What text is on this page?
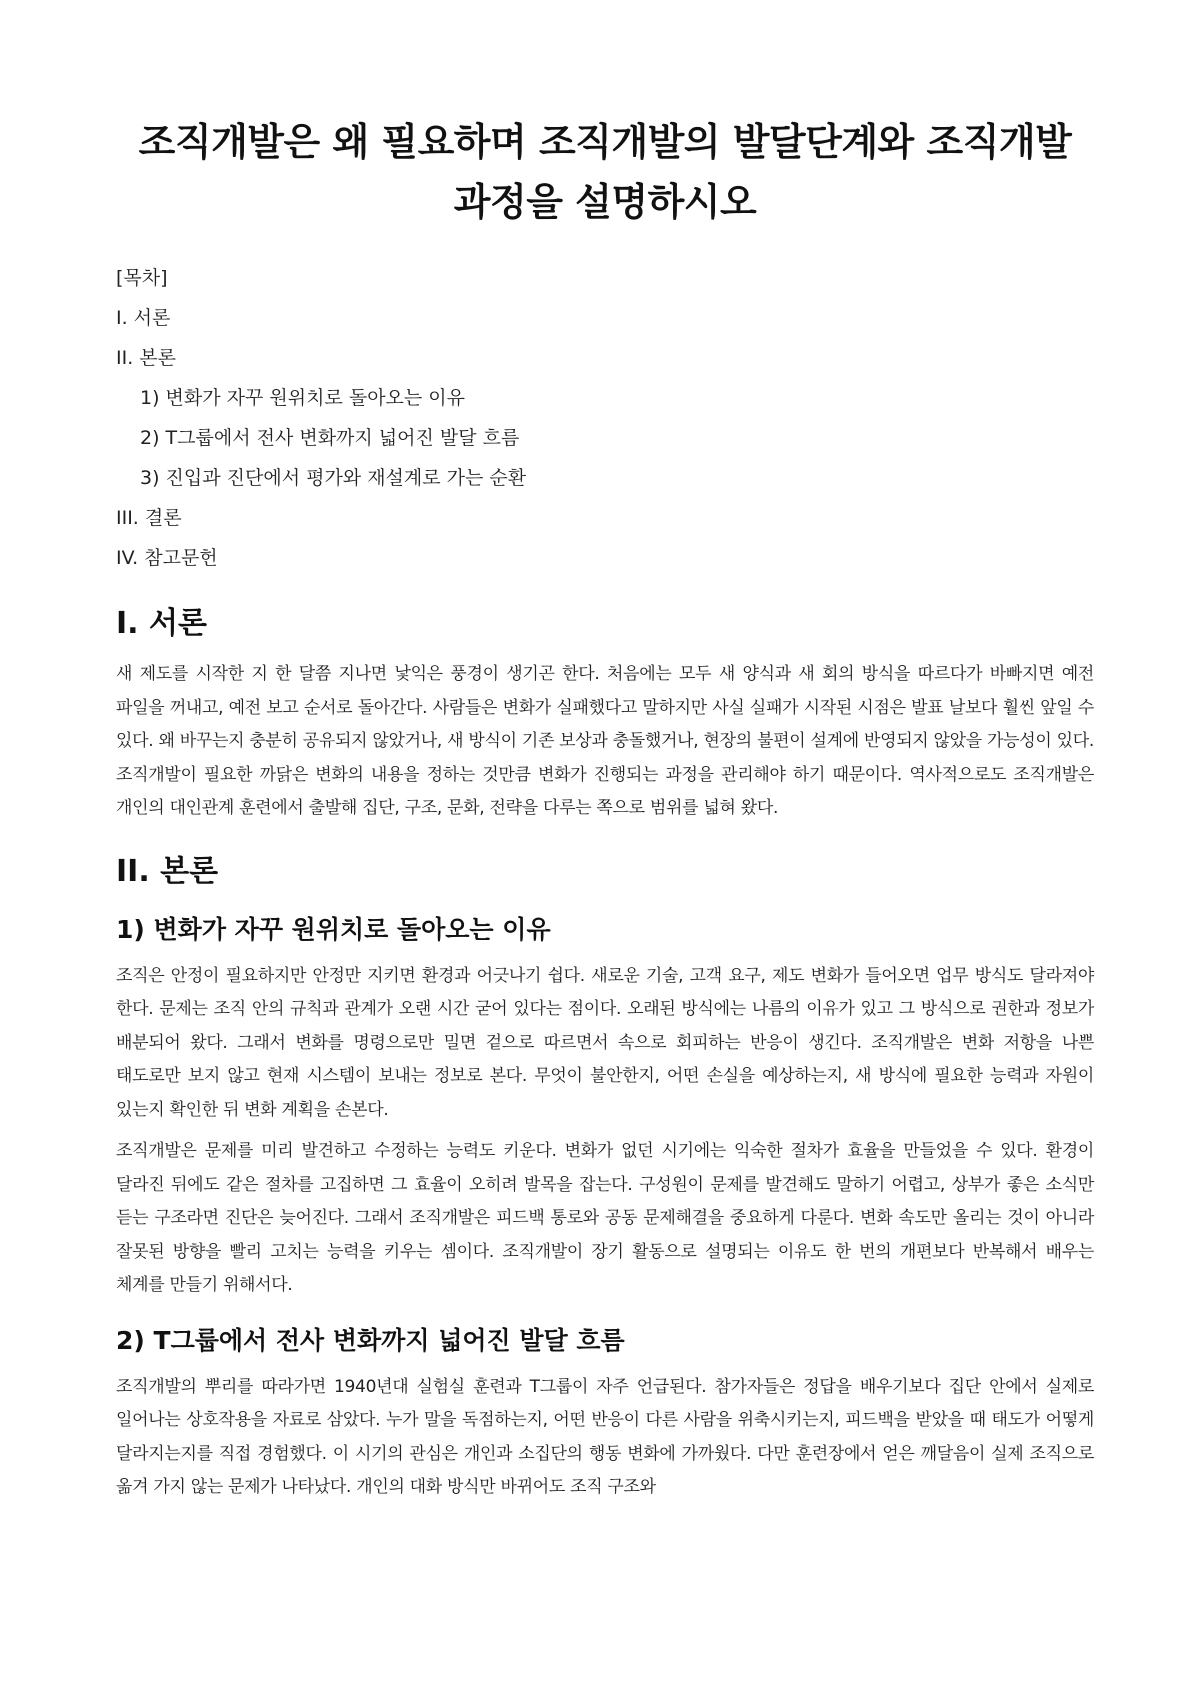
조직개발은 왜 필요하며 조직개발의 발달단계와 조직개발 과정을 설명하시오
[목차]
I. 서론
II. 본론
1) 변화가 자꾸 원위치로 돌아오는 이유
2) T그룹에서 전사 변화까지 넓어진 발달 흐름
3) 진입과 진단에서 평가와 재설계로 가는 순환
III. 결론
IV. 참고문헌
I. 서론

새 제도를 시작한 지 한 달쯤 지나면 낯익은 풍경이 생기곤 한다. 처음에는 모두 새 양식과 새 회의 방식을 따르다가 바빠지면 예전 파일을 꺼내고, 예전 보고 순서로 돌아간다. 사람들은 변화가 실패했다고 말하지만 사실 실패가 시작된 시점은 발표 날보다 훨씬 앞일 수 있다. 왜 바꾸는지 충분히 공유되지 않았거나, 새 방식이 기존 보상과 충돌했거나, 현장의 불편이 설계에 반영되지 않았을 가능성이 있다. 조직개발이 필요한 까닭은 변화의 내용을 정하는 것만큼 변화가 진행되는 과정을 관리해야 하기 때문이다. 역사적으로도 조직개발은 개인의 대인관계 훈련에서 출발해 집단, 구조, 문화, 전략을 다루는 쪽으로 범위를 넓혀 왔다.

II. 본론
1) 변화가 자꾸 원위치로 돌아오는 이유

조직은 안정이 필요하지만 안정만 지키면 환경과 어긋나기 쉽다. 새로운 기술, 고객 요구, 제도 변화가 들어오면 업무 방식도 달라져야 한다. 문제는 조직 안의 규칙과 관계가 오랜 시간 굳어 있다는 점이다. 오래된 방식에는 나름의 이유가 있고 그 방식으로 권한과 정보가 배분되어 왔다. 그래서 변화를 명령으로만 밀면 겉으로 따르면서 속으로 회피하는 반응이 생긴다. 조직개발은 변화 저항을 나쁜 태도로만 보지 않고 현재 시스템이 보내는 정보로 본다. 무엇이 불안한지, 어떤 손실을 예상하는지, 새 방식에 필요한 능력과 자원이 있는지 확인한 뒤 변화 계획을 손본다.

조직개발은 문제를 미리 발견하고 수정하는 능력도 키운다. 변화가 없던 시기에는 익숙한 절차가 효율을 만들었을 수 있다. 환경이 달라진 뒤에도 같은 절차를 고집하면 그 효율이 오히려 발목을 잡는다. 구성원이 문제를 발견해도 말하기 어렵고, 상부가 좋은 소식만 듣는 구조라면 진단은 늦어진다. 그래서 조직개발은 피드백 통로와 공동 문제해결을 중요하게 다룬다. 변화 속도만 올리는 것이 아니라 잘못된 방향을 빨리 고치는 능력을 키우는 셈이다. 조직개발이 장기 활동으로 설명되는 이유도 한 번의 개편보다 반복해서 배우는 체계를 만들기 위해서다.

2) T그룹에서 전사 변화까지 넓어진 발달 흐름

조직개발의 뿌리를 따라가면 1940년대 실험실 훈련과 T그룹이 자주 언급된다. 참가자들은 정답을 배우기보다 집단 안에서 실제로 일어나는 상호작용을 자료로 삼았다. 누가 말을 독점하는지, 어떤 반응이 다른 사람을 위축시키는지, 피드백을 받았을 때 태도가 어떻게 달라지는지를 직접 경험했다. 이 시기의 관심은 개인과 소집단의 행동 변화에 가까웠다. 다만 훈련장에서 얻은 깨달음이 실제 조직으로 옮겨 가지 않는 문제가 나타났다. 개인의 대화 방식만 바뀌어도 조직 구조와
